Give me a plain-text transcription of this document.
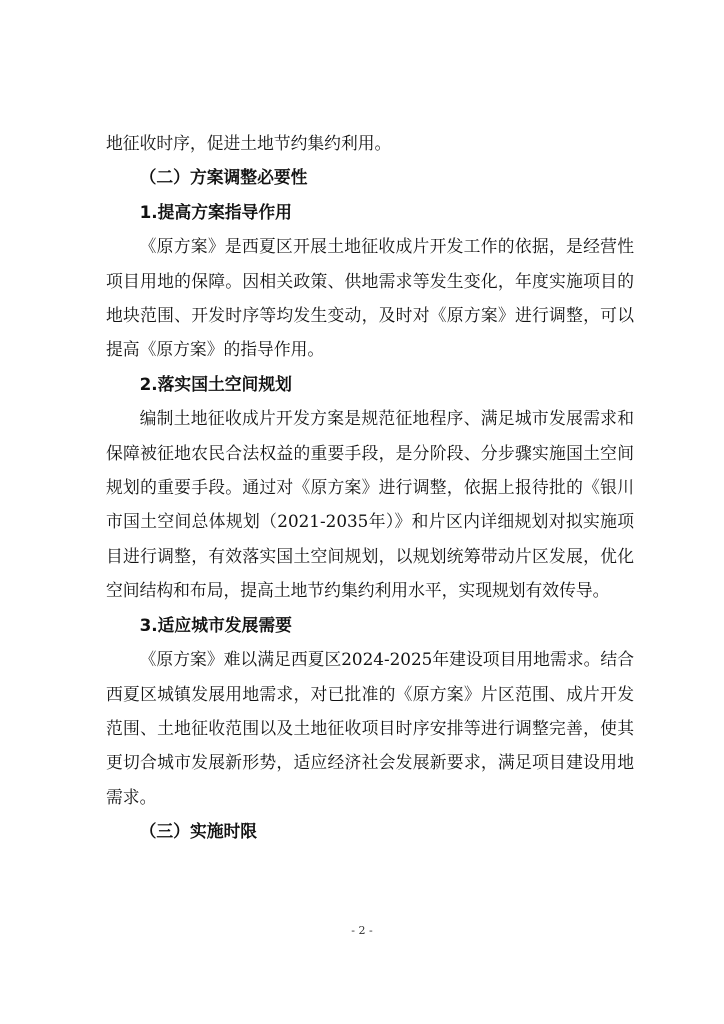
地征收时序，促进土地节约集约利用。

（二）方案调整必要性

1.提高方案指导作用

《原方案》是西夏区开展土地征收成片开发工作的依据，是经营性项目用地的保障。因相关政策、供地需求等发生变化，年度实施项目的地块范围、开发时序等均发生变动，及时对《原方案》进行调整，可以提高《原方案》的指导作用。

2.落实国土空间规划

编制土地征收成片开发方案是规范征地程序、满足城市发展需求和保障被征地农民合法权益的重要手段，是分阶段、分步骤实施国土空间规划的重要手段。通过对《原方案》进行调整，依据上报待批的《银川市国土空间总体规划（2021-2035年）》和片区内详细规划对拟实施项目进行调整，有效落实国土空间规划，以规划统筹带动片区发展，优化空间结构和布局，提高土地节约集约利用水平，实现规划有效传导。

3.适应城市发展需要

《原方案》难以满足西夏区2024-2025年建设项目用地需求。结合西夏区城镇发展用地需求，对已批准的《原方案》片区范围、成片开发范围、土地征收范围以及土地征收项目时序安排等进行调整完善，使其更切合城市发展新形势，适应经济社会发展新要求，满足项目建设用地需求。

（三）实施时限

- 2 -
